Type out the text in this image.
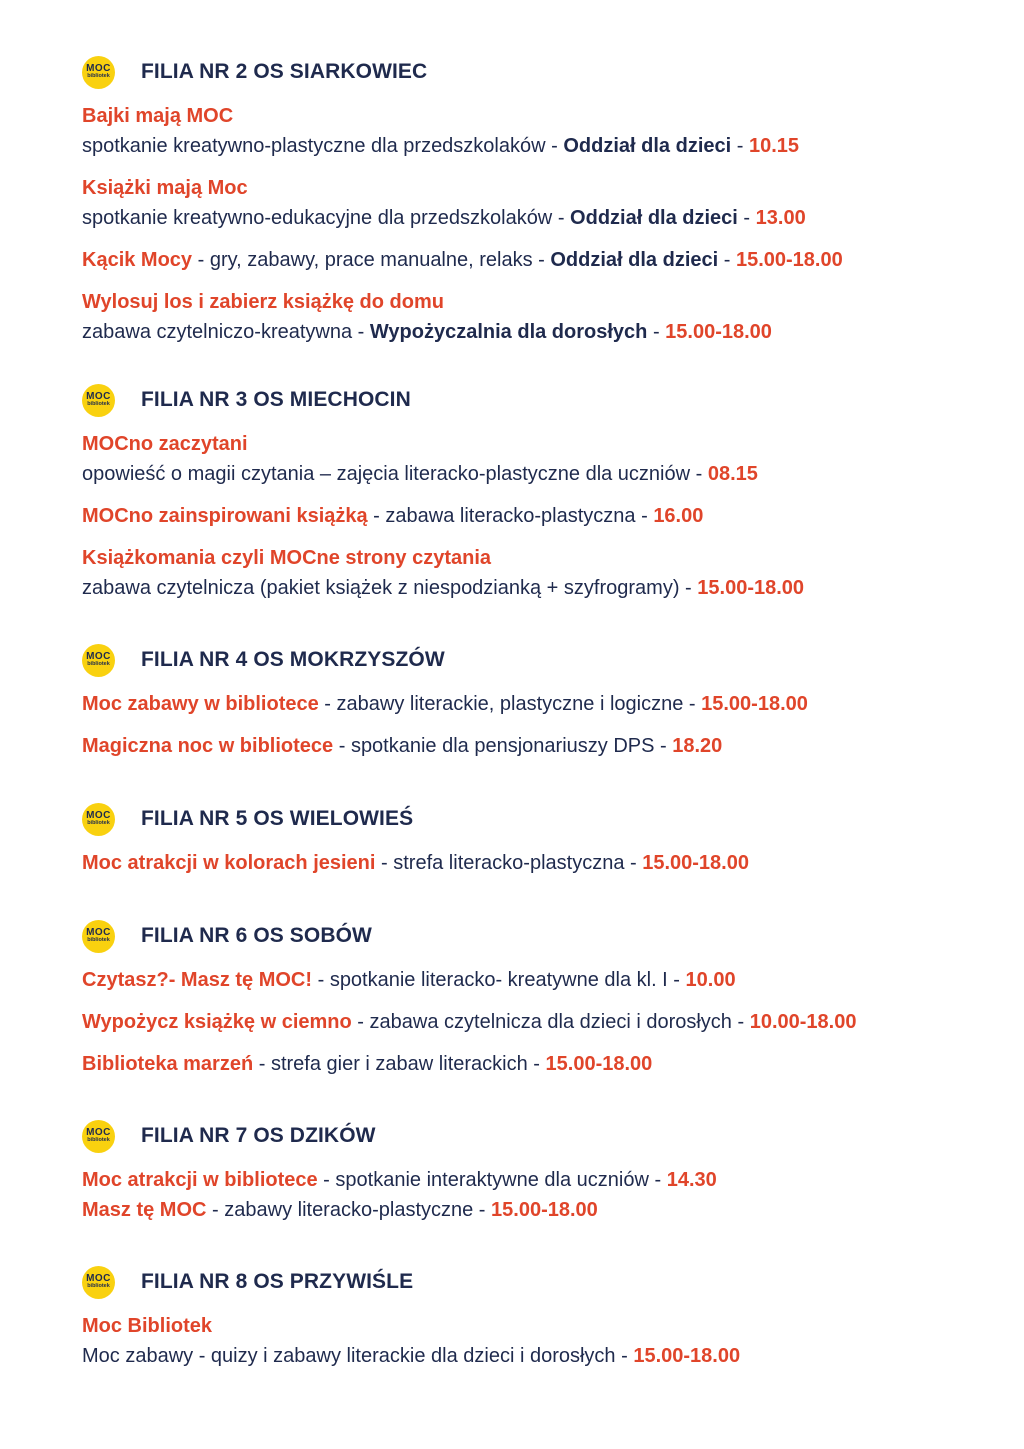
MOC
bibliotek FILIA NR 2 OS SIARKOWIEC
Bajki mają MOC
spotkanie kreatywno-plastyczne dla przedszkolaków - Oddział dla dzieci - 10.15
Książki mają Moc
spotkanie kreatywno-edukacyjne dla przedszkolaków - Oddział dla dzieci - 13.00
Kącik Mocy - gry, zabawy, prace manualne, relaks - Oddział dla dzieci - 15.00-18.00
Wylosuj los i zabierz książkę do domu
zabawa czytelniczo-kreatywna - Wypożyczalnia dla dorosłych - 15.00-18.00
MOC
bibliotek FILIA NR 3 OS MIECHOCIN
MOCno zaczytani
opowieść o magii czytania – zajęcia literacko-plastyczne dla uczniów - 08.15
MOCno zainspirowani książką - zabawa literacko-plastyczna - 16.00
Książkomania czyli MOCne strony czytania
zabawa czytelnicza (pakiet książek z niespodzianką + szyfrogramy) - 15.00-18.00
MOC
bibliotek FILIA NR 4 OS MOKRZYSZÓW
Moc zabawy w bibliotece - zabawy literackie, plastyczne i logiczne - 15.00-18.00
Magiczna noc w bibliotece - spotkanie dla pensjonariuszy DPS - 18.20
MOC
bibliotek FILIA NR 5 OS WIELOWIEŚ
Moc atrakcji w kolorach jesieni - strefa literacko-plastyczna - 15.00-18.00
MOC
bibliotek FILIA NR 6 OS SOBÓW
Czytasz?- Masz tę MOC! - spotkanie literacko- kreatywne dla kl. I - 10.00
Wypożycz książkę w ciemno - zabawa czytelnicza dla dzieci i dorosłych - 10.00-18.00
Biblioteka marzeń - strefa gier i zabaw literackich - 15.00-18.00
MOC
bibliotek FILIA NR 7 OS DZIKÓW
Moc atrakcji w bibliotece - spotkanie interaktywne dla uczniów - 14.30
Masz tę MOC - zabawy literacko-plastyczne - 15.00-18.00
MOC
bibliotek FILIA NR 8 OS PRZYWIŚLE
Moc Bibliotek
Moc zabawy - quizy i zabawy literackie dla dzieci i dorosłych - 15.00-18.00
